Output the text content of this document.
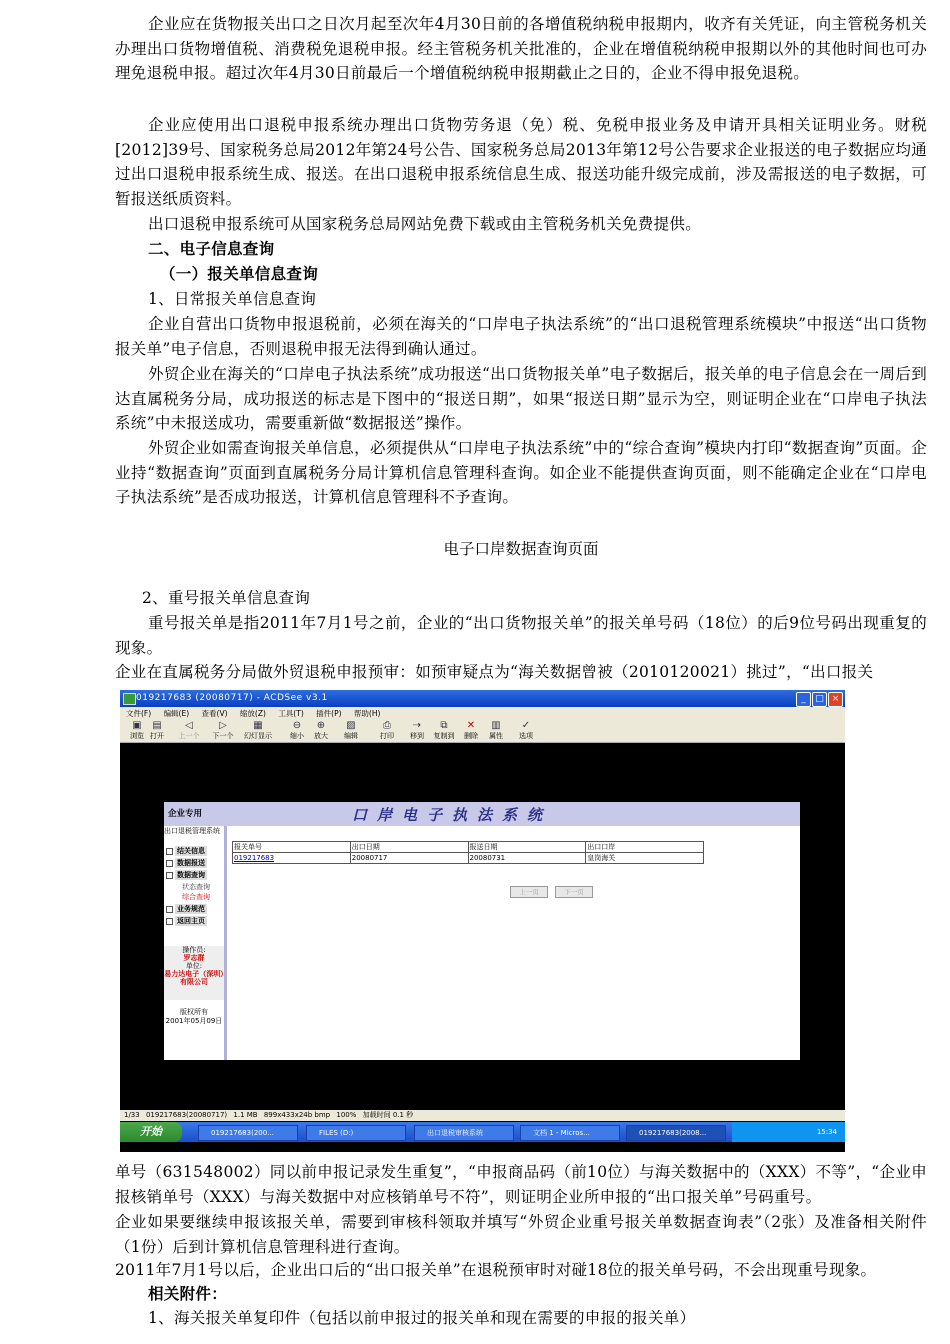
企业应在货物报关出口之日次月起至次年4月30日前的各增值税纳税申报期内，收齐有关凭证，向主管税务机关办理出口货物增值税、消费税免退税申报。经主管税务机关批准的，企业在增值税纳税申报期以外的其他时间也可办理免退税申报。超过次年4月30日前最后一个增值税纳税申报期截止之日的，企业不得申报免退税。

企业应使用出口退税申报系统办理出口货物劳务退（免）税、免税申报业务及申请开具相关证明业务。财税[2012]39号、国家税务总局2012年第24号公告、国家税务总局2013年第12号公告要求企业报送的电子数据应均通过出口退税申报系统生成、报送。在出口退税申报系统信息生成、报送功能升级完成前，涉及需报送的电子数据，可暂报送纸质资料。

出口退税申报系统可从国家税务总局网站免费下载或由主管税务机关免费提供。

二、电子信息查询

（一）报关单信息查询

1、日常报关单信息查询

企业自营出口货物申报退税前，必须在海关的“口岸电子执法系统”的“出口退税管理系统模块”中报送“出口货物报关单”电子信息，否则退税申报无法得到确认通过。

外贸企业在海关的“口岸电子执法系统”成功报送“出口货物报关单”电子数据后，报关单的电子信息会在一周后到达直属税务分局，成功报送的标志是下图中的“报送日期”，如果“报送日期”显示为空，则证明企业在“口岸电子执法系统”中未报送成功，需要重新做“数据报送”操作。

外贸企业如需查询报关单信息，必须提供从“口岸电子执法系统”中的“综合查询”模块内打印“数据查询”页面。企业持“数据查询”页面到直属税务分局计算机信息管理科查询。如企业不能提供查询页面，则不能确定企业在“口岸电子执法系统”是否成功报送，计算机信息管理科不予查询。

电子口岸数据查询页面

2、重号报关单信息查询

重号报关单是指2011年7月1号之前，企业的“出口货物报关单”的报关单号码（18位）的后9位号码出现重复的现象。

企业在直属税务分局做外贸退税申报预审：如预审疑点为“海关数据曾被（2010120021）挑过”，“出口报关

019217683 (20080717) - ACDSee v3.1	_	□ ×
文件(F) 编辑(E) 查看(V) 缩放(Z) 工具(T) 插件(P) 帮助(H)
▣
浏览
▤
打开
◁
上一个
▷
下一个
▦
幻灯显示
⊖
缩小
⊕
放大
▨
编辑
⎙
打印
⇢
移到
⧉
复制到
✕
删除
▥
属性
✓
选项
企业专用	口岸电子执法系统
出口退税管理系统
结关信息
数据报送
数据查询
状态查询
综合查询
业务规范
返回主页
操作员:
罗志群
单位:
易力达电子（深圳）有限公司
版权所有
2001年05月09日
报关单号	出口日期	报送日期	出口口岸
019217683	20080717	20080731	皇岗海关
上一页	下一页
1/33 019217683(20080717) 1.1 MB 899x433x24b bmp 100% 加载时间 0.1 秒
开始	019217683(200...	FILES (D:)	出口退税审核系统	文档 1 - Micros...	019217683(2008...	15:34

单号（631548002）同以前申报记录发生重复”，“申报商品码（前10位）与海关数据中的（XXX）不等”，“企业申报核销单号（XXX）与海关数据中对应核销单号不符”，则证明企业所申报的“出口报关单”号码重号。

企业如果要继续申报该报关单，需要到审核科领取并填写“外贸企业重号报关单数据查询表”（2张）及准备相关附件（1份）后到计算机信息管理科进行查询。

2011年7月1号以后，企业出口后的“出口报关单”在退税预审时对碰18位的报关单号码，不会出现重号现象。

相关附件：

1、海关报关单复印件（包括以前申报过的报关单和现在需要的申报的报关单）
